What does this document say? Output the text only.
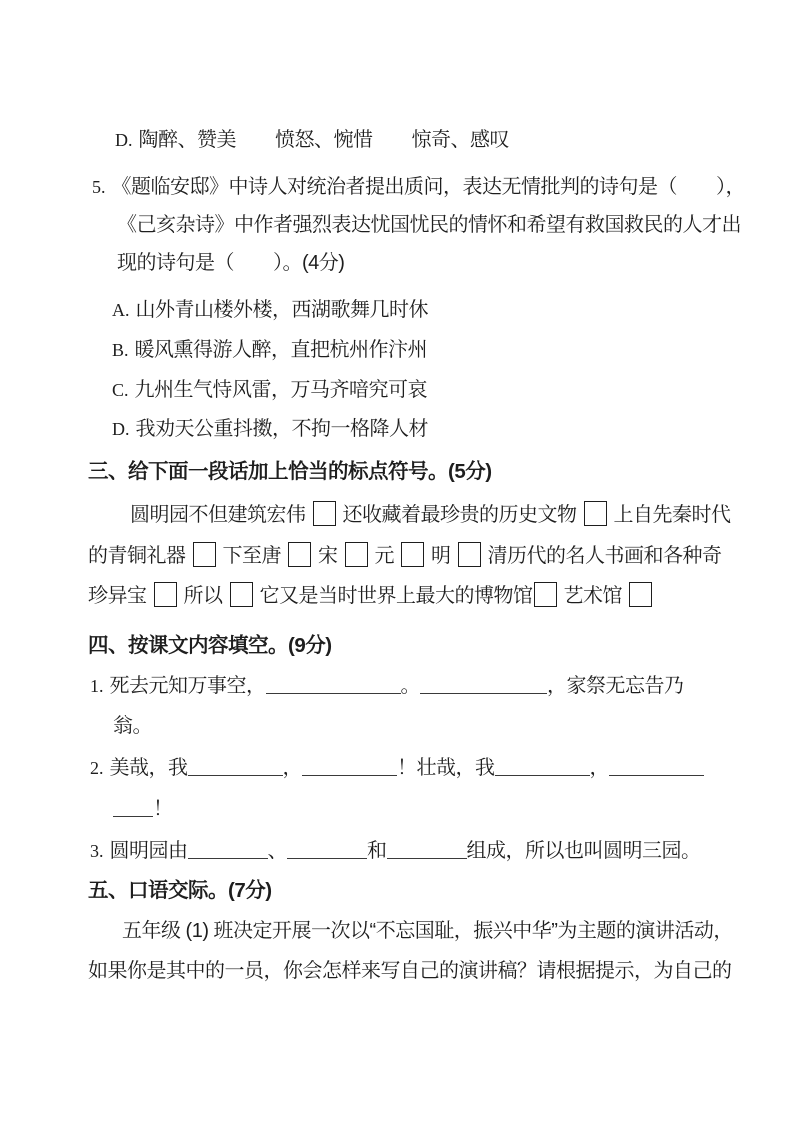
D. 陶醉、赞美　　愤怒、惋惜　　惊奇、感叹
5. 《题临安邸》中诗人对统治者提出质问，表达无情批判的诗句是（　　），
《己亥杂诗》中作者强烈表达忧国忧民的情怀和希望有救国救民的人才出
现的诗句是（　　）。(4分)
A. 山外青山楼外楼，西湖歌舞几时休
B. 暖风熏得游人醉，直把杭州作汴州
C. 九州生气恃风雷，万马齐喑究可哀
D. 我劝天公重抖擞，不拘一格降人材
三、给下面一段话加上恰当的标点符号。(5分)
圆明园不但建筑宏伟 还收藏着最珍贵的历史文物 上自先秦时代
的青铜礼器 下至唐 宋 元 明 清历代的名人书画和各种奇
珍异宝 所以 它又是当时世界上最大的博物馆 艺术馆
四、按课文内容填空。(9分)
1. 死去元知万事空，	。	，家祭无忘告乃
翁。
2. 美哉，我	，	！壮哉，我	，
！
3. 圆明园由	、	和	组成，所以也叫圆明三园。
五、口语交际。(7分)
五年级 (1) 班决定开展一次以“不忘国耻，振兴中华”为主题的演讲活动，
如果你是其中的一员，你会怎样来写自己的演讲稿？请根据提示，为自己的
